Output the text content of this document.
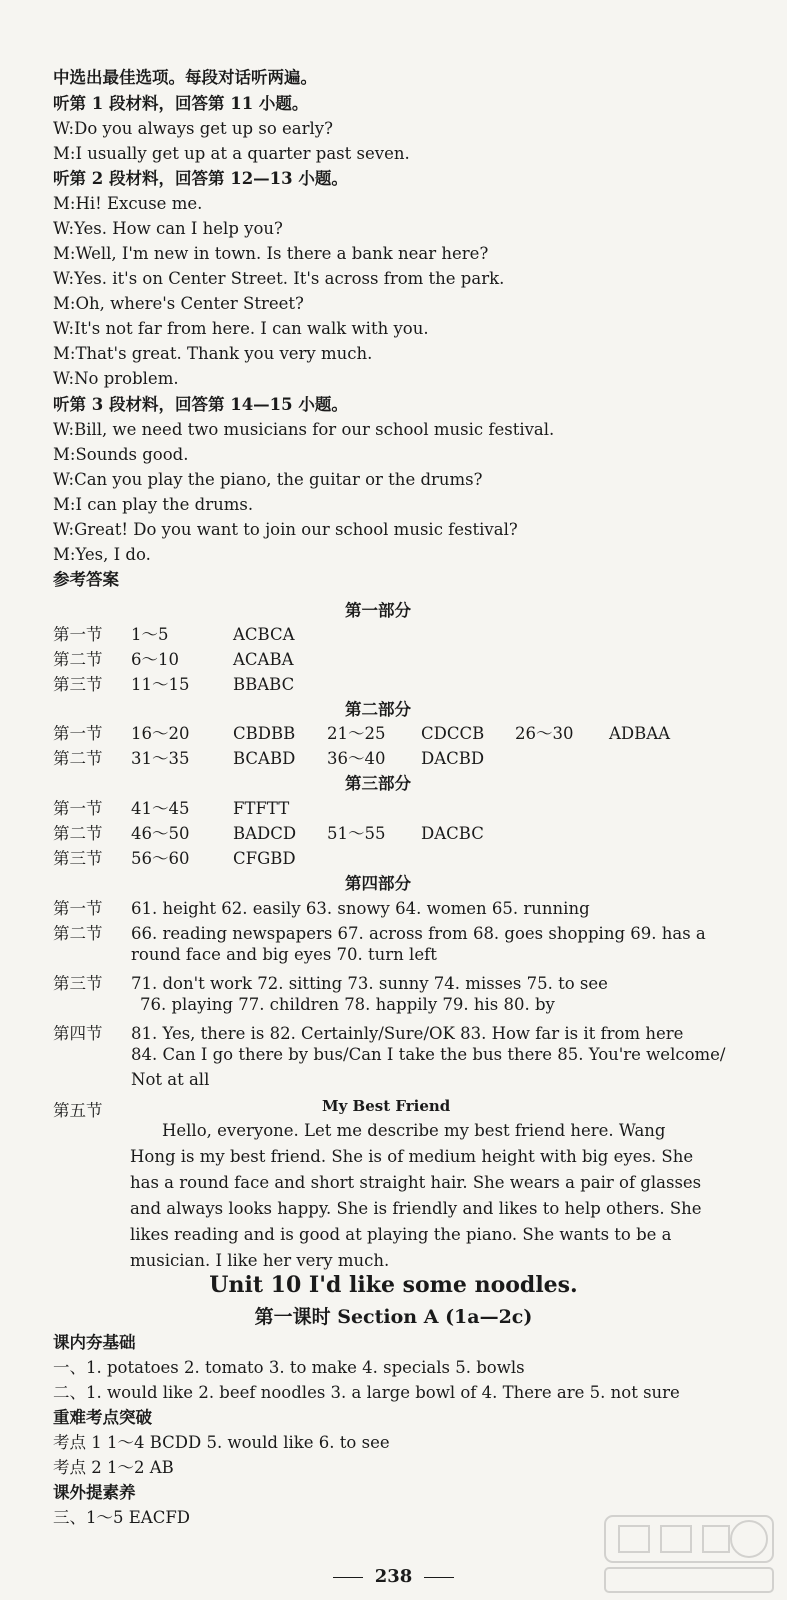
中选出最佳选项。每段对话听两遍。
听第 1 段材料，回答第 11 小题。
W:Do you always get up so early?
M:I usually get up at a quarter past seven.
听第 2 段材料，回答第 12—13 小题。
M:Hi! Excuse me.
W:Yes. How can I help you?
M:Well, I'm new in town. Is there a bank near here?
W:Yes. it's on Center Street. It's across from the park.
M:Oh, where's Center Street?
W:It's not far from here. I can walk with you.
M:That's great. Thank you very much.
W:No problem.
听第 3 段材料，回答第 14—15 小题。
W:Bill, we need two musicians for our school music festival.
M:Sounds good.
W:Can you play the piano, the guitar or the drums?
M:I can play the drums.
W:Great! Do you want to join our school music festival?
M:Yes, I do.
参考答案
第一部分
第一节 1～5	ACBCA
第二节 6～10	ACABA
第三节 11～15	BBABC
第二部分
第一节 16～20	CBDBB 21～25 CDCCB 26～30 ADBAA
第二节 31～35	BCABD 36～40 DACBD
第三部分
第一节 41～45	FTFTT
第二节 46～50	BADCD 51～55 DACBC
第三节 56～60	CFGBD
第四部分
第一节 61. height 62. easily 63. snowy 64. women 65. running
第二节 66. reading newspapers 67. across from 68. goes shopping 69. has a
round face and big eyes 70. turn left
第三节 71. don't work 72. sitting 73. sunny 74. misses 75. to see
76. playing 77. children 78. happily 79. his 80. by
第四节 81. Yes, there is 82. Certainly/Sure/OK 83. How far is it from here
84. Can I go there by bus/Can I take the bus there 85. You're welcome/
Not at all
第五节	My Best Friend
Hello, everyone. Let me describe my best friend here. Wang Hong is my best friend. She is of medium height with big eyes. She has a round face and short straight hair. She wears a pair of glasses and always looks happy. She is friendly and likes to help others. She likes reading and is good at playing the piano. She wants to be a musician. I like her very much.
Unit 10 I'd like some noodles.
第一课时 Section A (1a—2c)
课内夯基础
一、1. potatoes 2. tomato 3. to make 4. specials 5. bowls
二、1. would like 2. beef noodles 3. a large bowl of 4. There are 5. not sure
重难考点突破
考点 1 1～4 BCDD 5. would like 6. to see
考点 2 1～2 AB
课外提素养
三、1～5 EACFD
238
